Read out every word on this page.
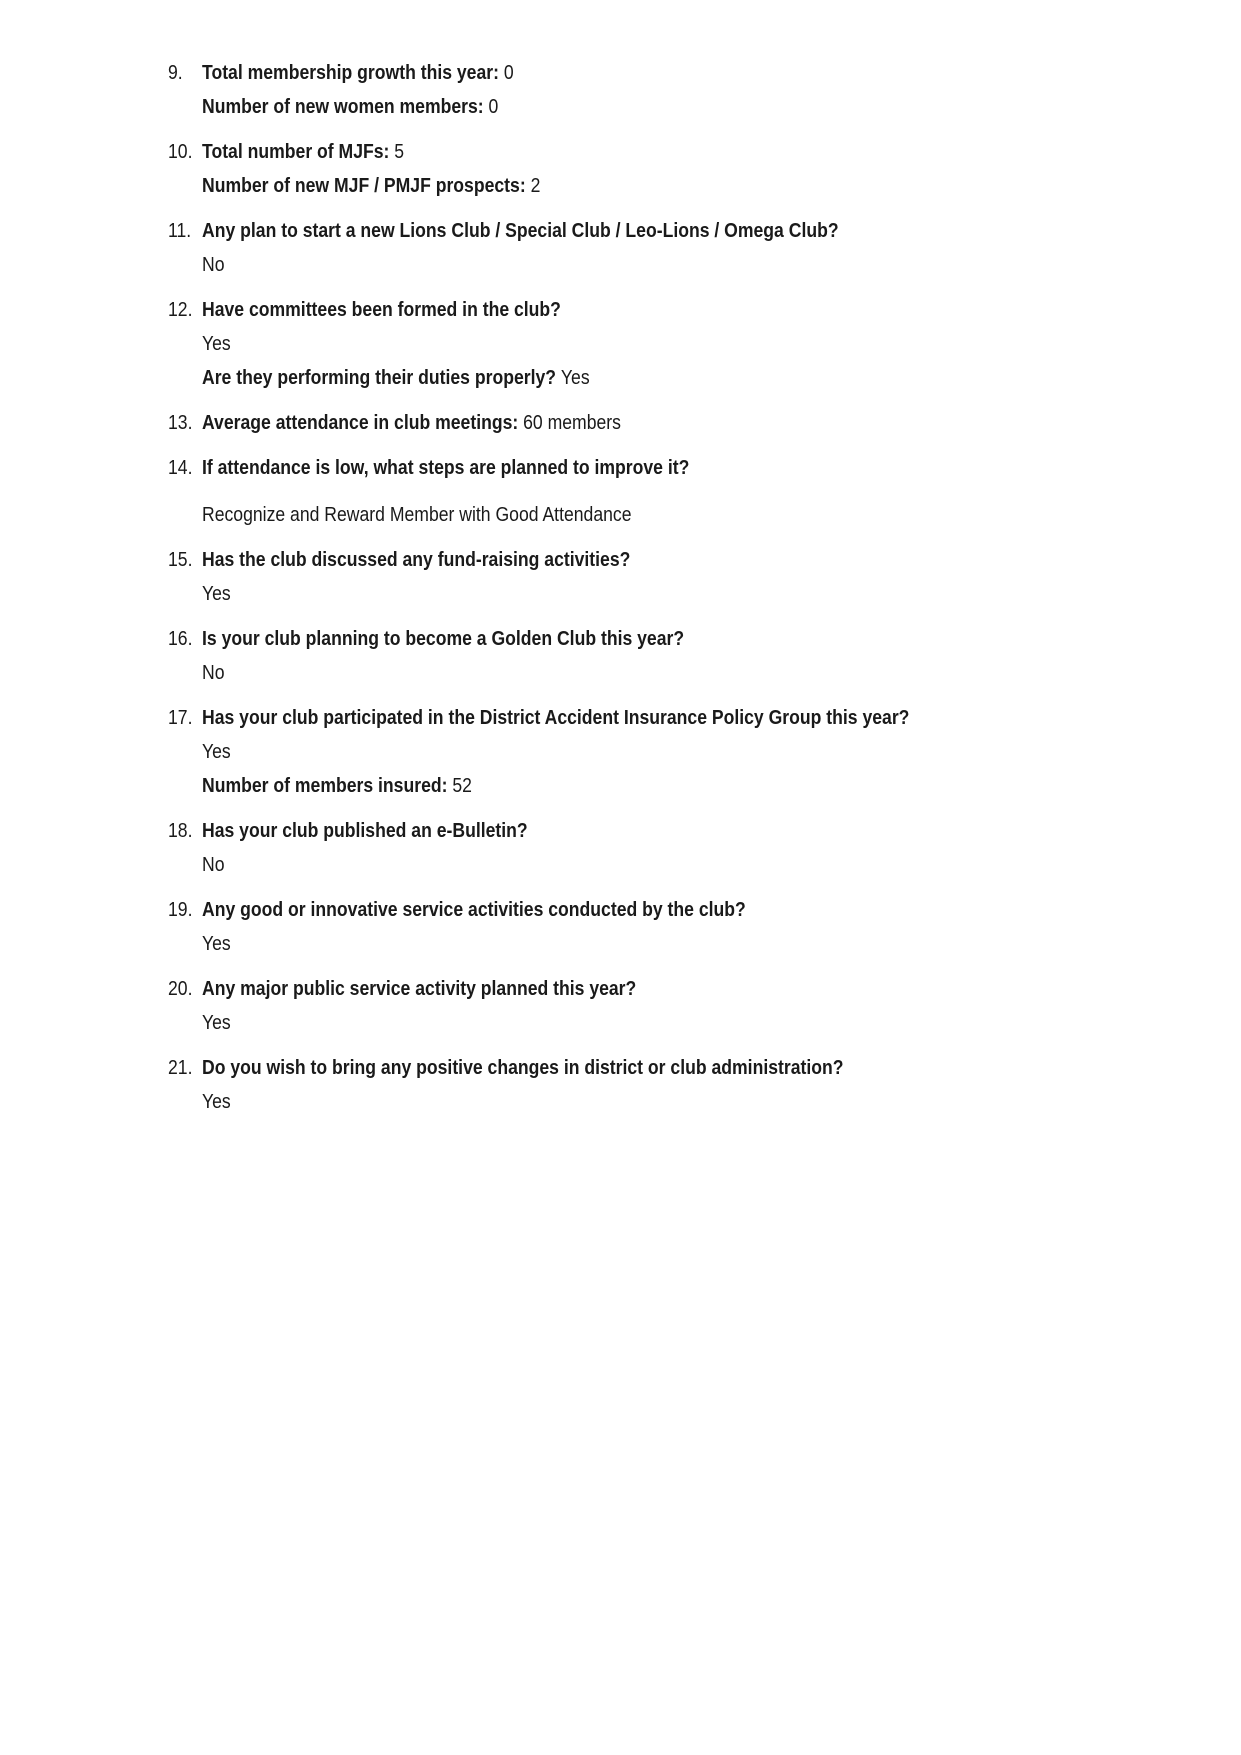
9. Total membership growth this year: 0
Number of new women members: 0
10. Total number of MJFs: 5
Number of new MJF / PMJF prospects: 2
11. Any plan to start a new Lions Club / Special Club / Leo-Lions / Omega Club?
No
12. Have committees been formed in the club?
Yes
Are they performing their duties properly? Yes
13. Average attendance in club meetings: 60 members
14. If attendance is low, what steps are planned to improve it?
Recognize and Reward Member with Good Attendance
15. Has the club discussed any fund-raising activities?
Yes
16. Is your club planning to become a Golden Club this year?
No
17. Has your club participated in the District Accident Insurance Policy Group this year?
Yes
Number of members insured: 52
18. Has your club published an e-Bulletin?
No
19. Any good or innovative service activities conducted by the club?
Yes
20. Any major public service activity planned this year?
Yes
21. Do you wish to bring any positive changes in district or club administration?
Yes
